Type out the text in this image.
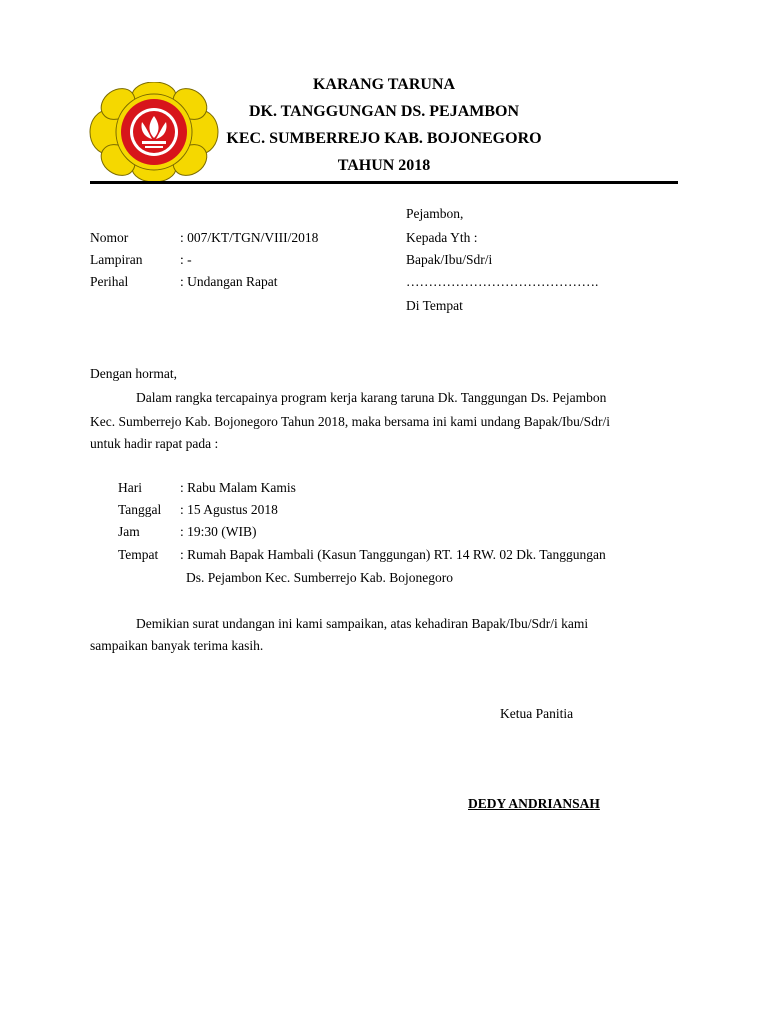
KARANG TARUNA
DK. TANGGUNGAN DS. PEJAMBON
KEC. SUMBERREJO KAB. BOJONEGORO
TAHUN 2018
Pejambon,
Nomor	: 007/KT/TGN/VIII/2018	Kepada Yth :
Lampiran	: -	Bapak/Ibu/Sdr/i
Perihal	: Undangan Rapat	…………………………………….
Di Tempat
Dengan hormat,
Dalam rangka tercapainya program kerja karang taruna Dk. Tanggungan Ds. Pejambon
Kec. Sumberrejo Kab. Bojonegoro Tahun 2018, maka bersama ini kami undang Bapak/Ibu/Sdr/i
untuk hadir rapat pada :
Hari	: Rabu Malam Kamis
Tanggal : 15 Agustus 2018
Jam	: 19:30 (WIB)
Tempat : Rumah Bapak Hambali (Kasun Tanggungan) RT. 14 RW. 02 Dk. Tanggungan
Ds. Pejambon Kec. Sumberrejo Kab. Bojonegoro
Demikian surat undangan ini kami sampaikan, atas kehadiran Bapak/Ibu/Sdr/i kami
sampaikan banyak terima kasih.
Ketua Panitia
DEDY ANDRIANSAH
